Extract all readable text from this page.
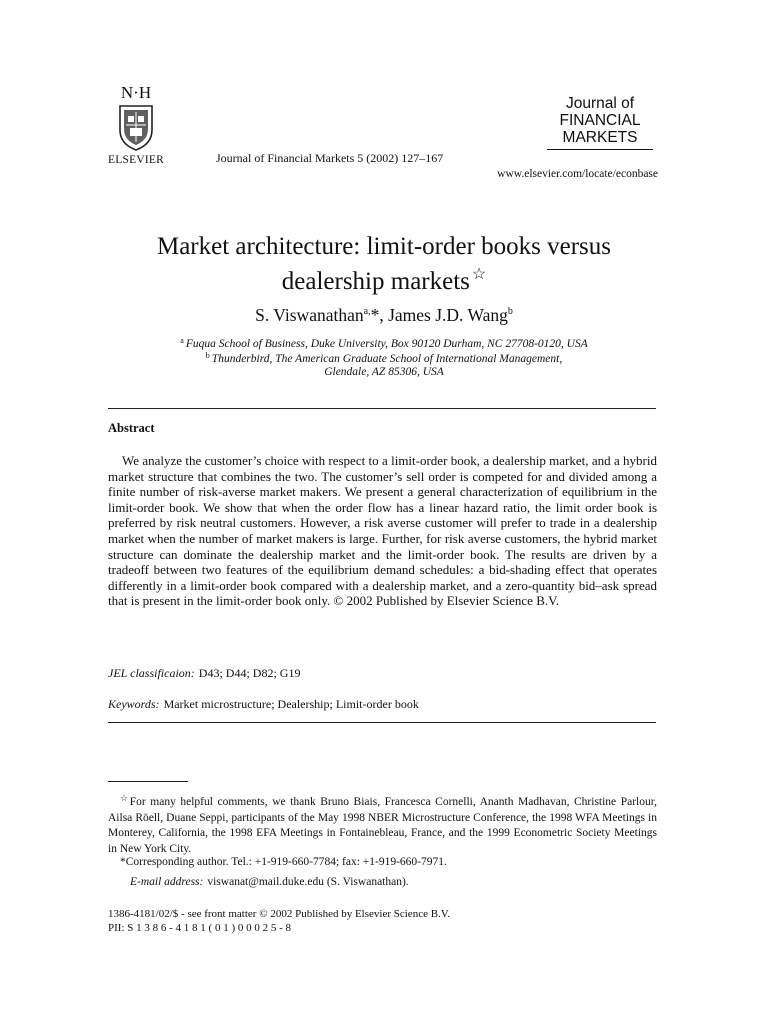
N·H
ELSEVIER	Journal of Financial Markets 5 (2002) 127–167
Journal of
FINANCIAL
MARKETS
www.elsevier.com/locate/econbase
Market architecture: limit-order books versus
dealership markets ☆
S. Viswanathan$^{a,}$*, James J.D. Wang$^b$
$^a$ Fuqua School of Business, Duke University, Box 90120 Durham, NC 27708-0120, USA
$^b$ Thunderbird, The American Graduate School of International Management,
Glendale, AZ 85306, USA
Abstract

We analyze the customer’s choice with respect to a limit-order book, a dealership market, and a hybrid market structure that combines the two. The customer’s sell order is competed for and divided among a finite number of risk-averse market makers. We present a general characterization of equilibrium in the limit-order book. We show that when the order flow has a linear hazard ratio, the limit order book is preferred by risk neutral customers. However, a risk averse customer will prefer to trade in a dealership market when the number of market makers is large. Further, for risk averse customers, the hybrid market structure can dominate the dealership market and the limit-order book. The results are driven by a tradeoff between two features of the equilibrium demand schedules: a bid-shading effect that operates differently in a limit-order book compared with a dealership market, and a zero-quantity bid–ask spread that is present in the limit-order book only. © 2002 Published by Elsevier Science B.V.

JEL classificaion: D43; D44; D82; G19
Keywords: Market microstructure; Dealership; Limit-order book

☆For many helpful comments, we thank Bruno Biais, Francesca Cornelli, Ananth Madhavan, Christine Parlour, Ailsa Röell, Duane Seppi, participants of the May 1998 NBER Microstructure Conference, the 1998 WFA Meetings in Monterey, California, the 1998 EFA Meetings in Fontainebleau, France, and the 1999 Econometric Society Meetings in New York City.

*Corresponding author. Tel.: +1-919-660-7784; fax: +1-919-660-7971.
E-mail address: viswanat@mail.duke.edu (S. Viswanathan).
1386-4181/02/$ - see front matter © 2002 Published by Elsevier Science B.V.
PII: S 1 3 8 6 - 4 1 8 1 ( 0 1 ) 0 0 0 2 5 - 8
